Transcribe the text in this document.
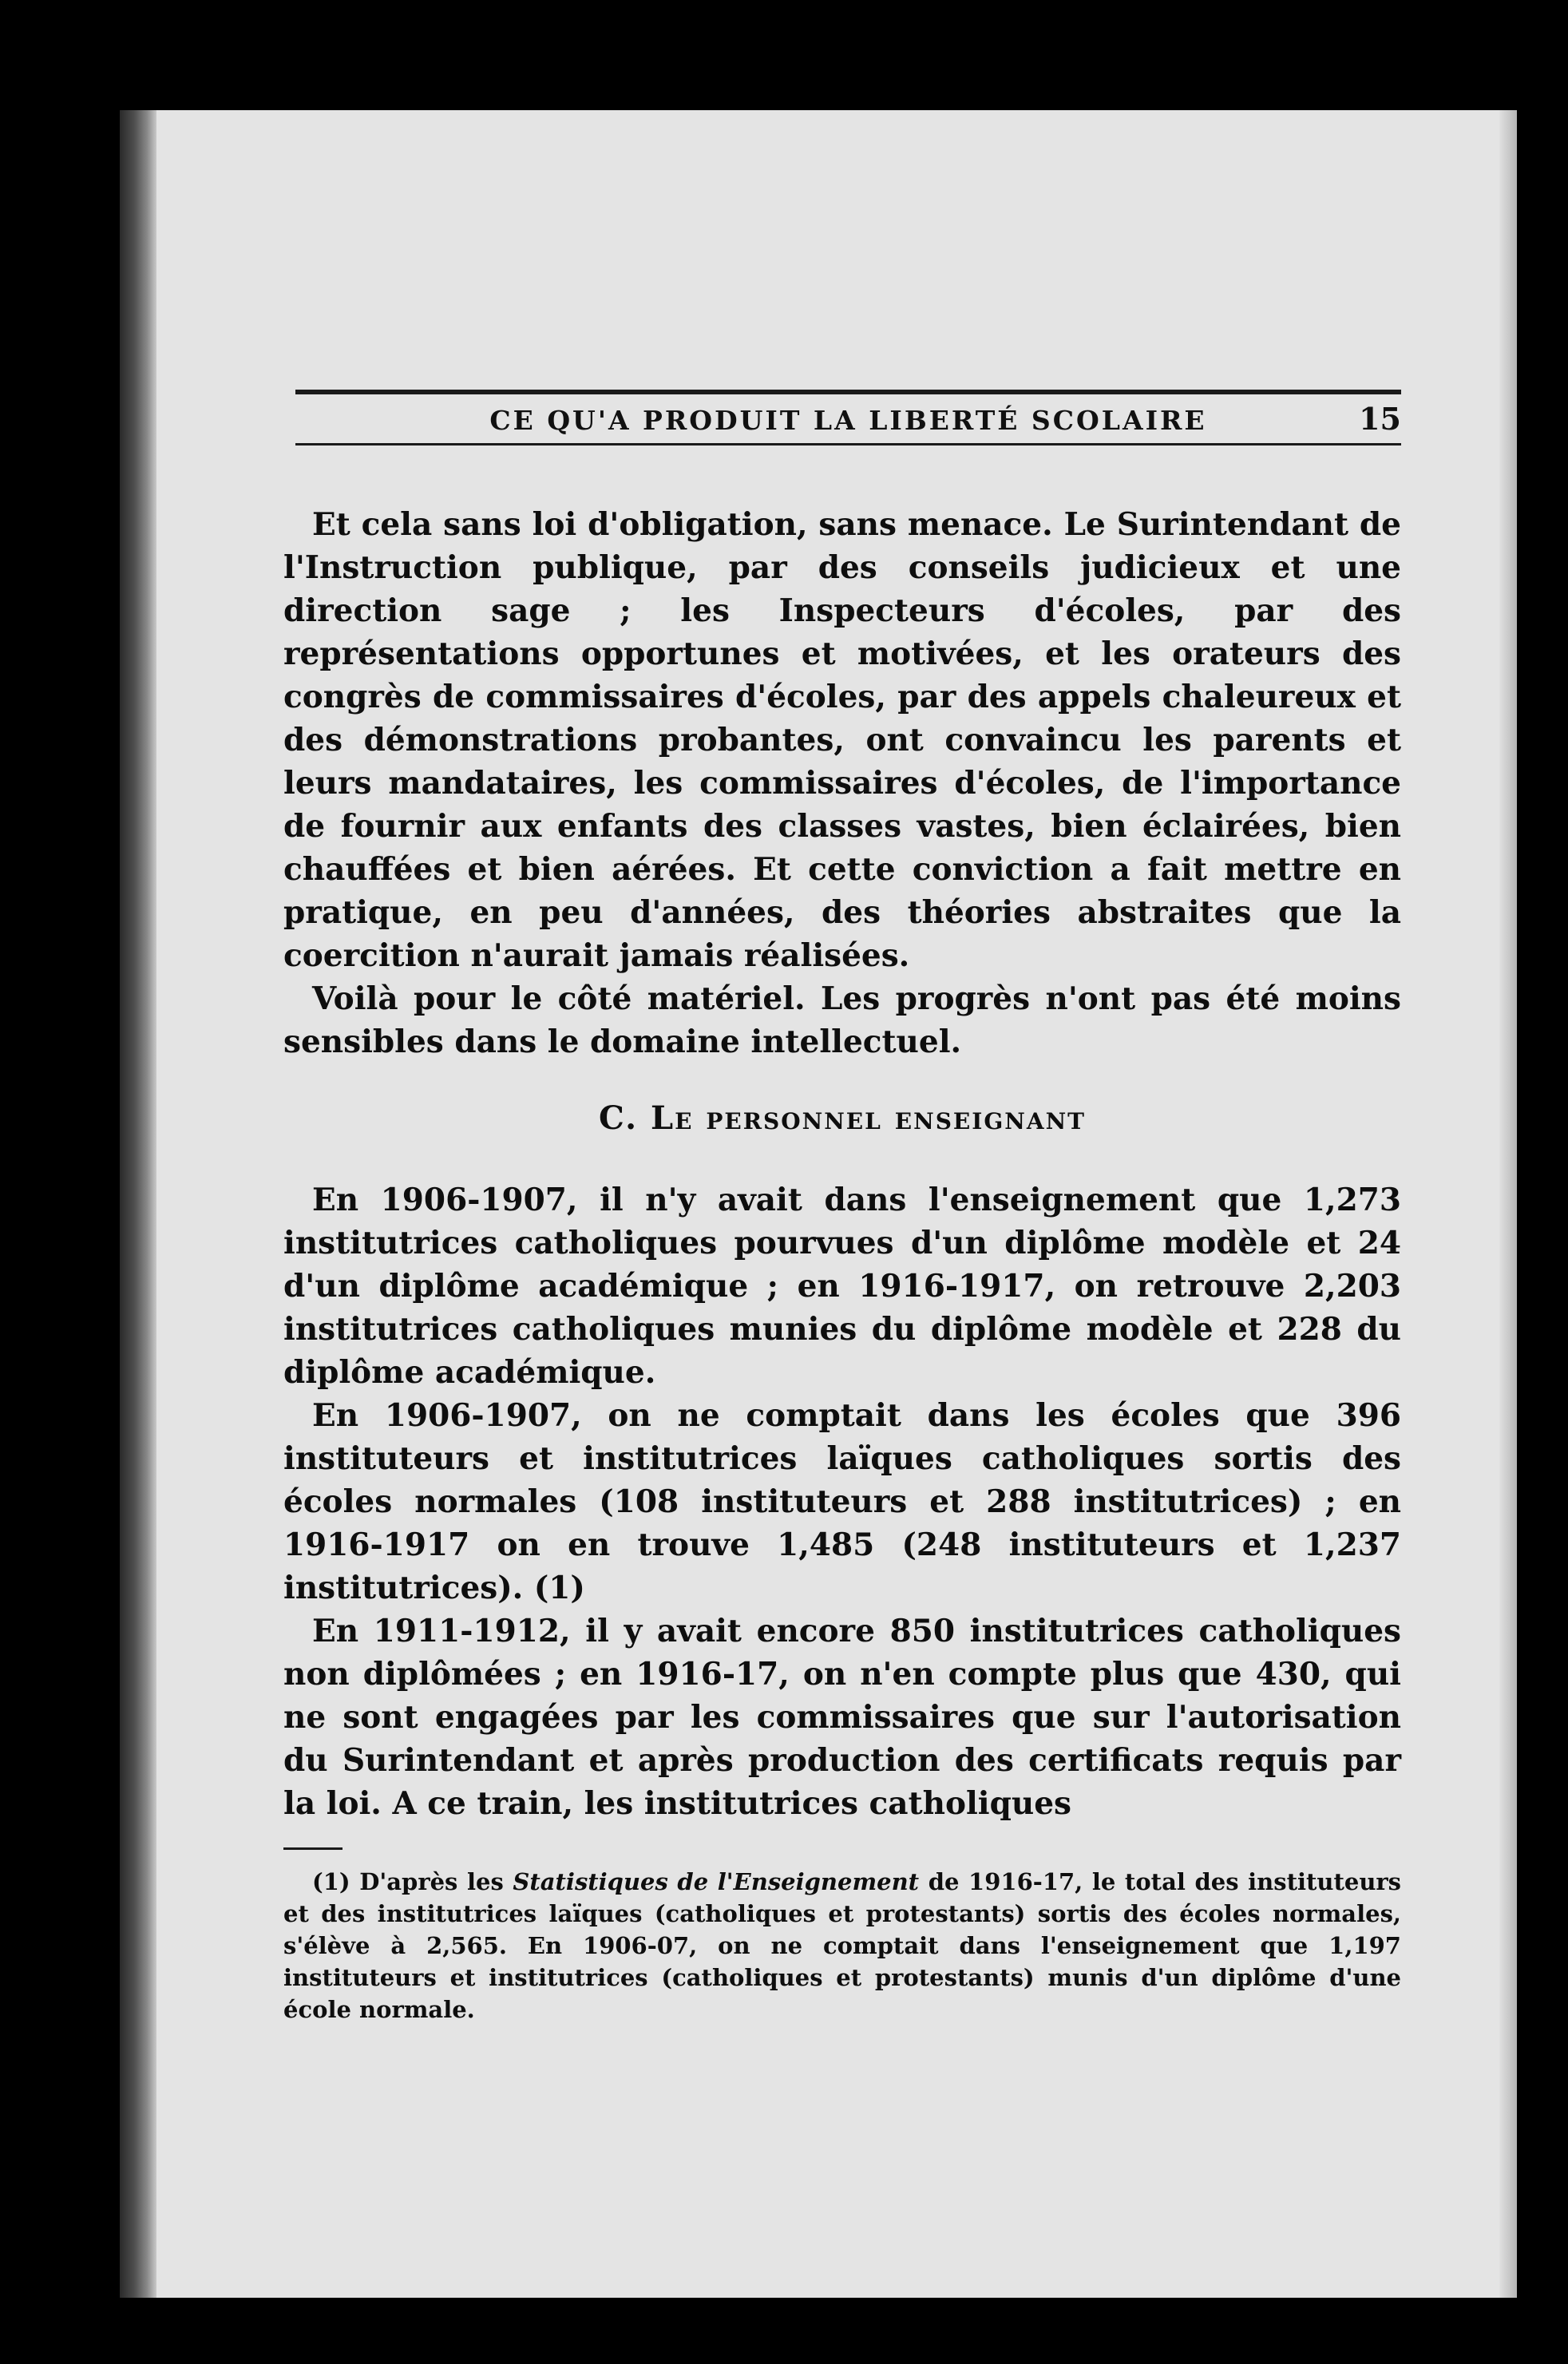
CE QU'A PRODUIT LA LIBERTÉ SCOLAIRE	15

Et cela sans loi d'obligation, sans menace. Le Surintendant de l'Instruction publique, par des conseils judicieux et une direction sage ; les Inspecteurs d'écoles, par des représentations opportunes et motivées, et les orateurs des congrès de commissaires d'écoles, par des appels chaleureux et des démonstrations probantes, ont convaincu les parents et leurs mandataires, les commissaires d'écoles, de l'importance de fournir aux enfants des classes vastes, bien éclairées, bien chauffées et bien aérées. Et cette conviction a fait mettre en pratique, en peu d'années, des théories abstraites que la coercition n'aurait jamais réalisées.

Voilà pour le côté matériel. Les progrès n'ont pas été moins sensibles dans le domaine intellectuel.

C. Le personnel enseignant

En 1906-1907, il n'y avait dans l'enseignement que 1,273 institutrices catholiques pourvues d'un diplôme modèle et 24 d'un diplôme académique ; en 1916-1917, on retrouve 2,203 institutrices catholiques munies du diplôme modèle et 228 du diplôme académique.

En 1906-1907, on ne comptait dans les écoles que 396 instituteurs et institutrices laïques catholiques sortis des écoles normales (108 instituteurs et 288 institutrices) ; en 1916-1917 on en trouve 1,485 (248 instituteurs et 1,237 institutrices). (1)

En 1911-1912, il y avait encore 850 institutrices catholiques non diplômées ; en 1916-17, on n'en compte plus que 430, qui ne sont engagées par les commissaires que sur l'autorisation du Surintendant et après production des certificats requis par la loi. A ce train, les institutrices catholiques

(1) D'après les Statistiques de l'Enseignement de 1916-17, le total des instituteurs et des institutrices laïques (catholiques et protestants) sortis des écoles normales, s'élève à 2,565. En 1906-07, on ne comptait dans l'enseignement que 1,197 instituteurs et institutrices (catholiques et protestants) munis d'un diplôme d'une école normale.
